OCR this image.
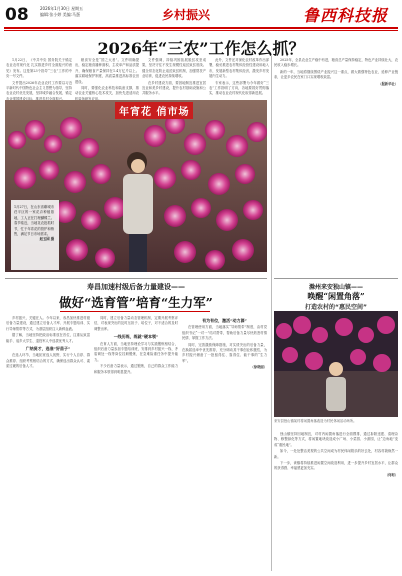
08	2026年1月30日 星期五
编辑:张小婷 美编:马蛋	乡村振兴	鲁西科技报
2026年“三农”工作怎么抓？

1月22日，《中共中央 国务院关于锚定农业农村现代化 扎实推进乡村全面振兴的意见》发布。这是第23个指导“三农”工作的中央一号文件。

文件提出2026年农业农村工作要以习近平新时代中国特色社会主义思想为指导，坚持农业农村优先发展，坚持城乡融合发展，锚定农业强国建设目标，推进乡村全面振兴。

粮食安全是“国之大者”。文件明确提出，稳定粮食播种面积，主攻单产和品质提升，确保粮食产量保持在1.4万亿斤以上。落实耕地保护制度，高质量推进高标准农田建设。

同时，要强化农业科技和装备支撑，推动农业关键核心技术攻关，加快先进适用农机装备研发应用。

文件强调，持续巩固拓展脱贫攻坚成果，坚决守住不发生规模性返贫致贫底线。健全常态化防止返贫致贫机制，加强帮扶产业培育，促进农民持续增收。

在乡村建设方面，要因地制宜推进宜居宜业和美乡村建设，提升农村基础设施和公共服务水平。

此外，文件还对深化农村改革作出部署，稳妥推进农村集体经营性建设用地入市，发展新型农村集体经济，激发乡村发展内生动力。

专家表示，这些部署为今年做好“三农”工作指明了方向，各地要抓好贯彻落实，推动农业农村现代化取得新进展。

2025年，全县农业生产稳中有进，粮食总产量保持稳定，特色产业持续壮大，农民收入稳步增长。

新的一年，当地将继续围绕产业振兴这一重点，做大做强特色农业，延伸产业链条，让更多农民在家门口实现增收致富。

（据新华社）

年宵花 俏市场
1月27日，在山东省聊城市茌平区的一家花卉种植基地，工人正在打理蝴蝶兰。春节临近，当地花农抢抓时节，忙于年宵花的管护和销售，满足节日市场需求。
赵玉国 摄
寿昌加速村级后备力量建设——
做好“选育管”培育“生力军”

乡村振兴，关键在人。今年以来，寿昌加快推进村级后备力量建设，通过建立后备人才库、开展专题培训、实行导师帮带等方式，为基层组织注入新鲜血液。

据了解，当地坚持把政治标准放在首位，注重从致富能手、返乡大学生、退役军人中选拔优秀人才。

广纳贤才，选准“好苗子”

在选人环节，当地拓宽选人视野，实行个人自荐、群众推荐、组织考察相结合的方式，确保选出群众认可、素质过硬的后备人才。

同时，建立后备力量动态管理机制，定期开展考察评估，对表现突出的及时压担子、给位子，对不适合的及时调整出库。

一线历练，练就“硬本领”

在育人方面，当地坚持理论学习与实践锻炼相结合，组织后备力量参加专题培训班，安排到乡村振兴一线、矛盾调处一线等岗位挂职锻炼，在急难险重任务中提升能力。

不少后备力量表示，通过锻炼，自己的群众工作能力和服务本领得到明显提升。

有为有位，激活“动力源”

在管理使用方面，当地落实“导师帮带”制度，由村党组织书记“一对一”结对帮带，帮助后备力量尽快熟悉村情民情、掌握工作方法。

同时，完善激励保障措施，对实绩突出的后备力量，在换届选举中优先推荐，充分调动其干事创业积极性，为乡村振兴储备了一批留得住、靠得住、能干事的“生力军”。

（徐晓丽）

滁州来安独山镇——
唤醒“闲置角落”
打造农村的“惠民空间”
来安县独山镇某村将闲置角落改造为村民休闲活动场所。

独山镇坚持因地制宜，对村内闲置角落进行全面摸排，通过拆除违建、清理杂物、修整绿化等方式，将闲置地块改造成小广场、小菜园、小游园，让“边角地”变成“惠民地”。

如今，一处处整洁美观的公共空间成为村民休闲娱乐的好去处，村容村貌焕然一新。

下一步，该镇将持续推进闲置空间改造利用，进一步提升乡村宜居水平，让群众的获得感、幸福感更加充实。

（何柯）
